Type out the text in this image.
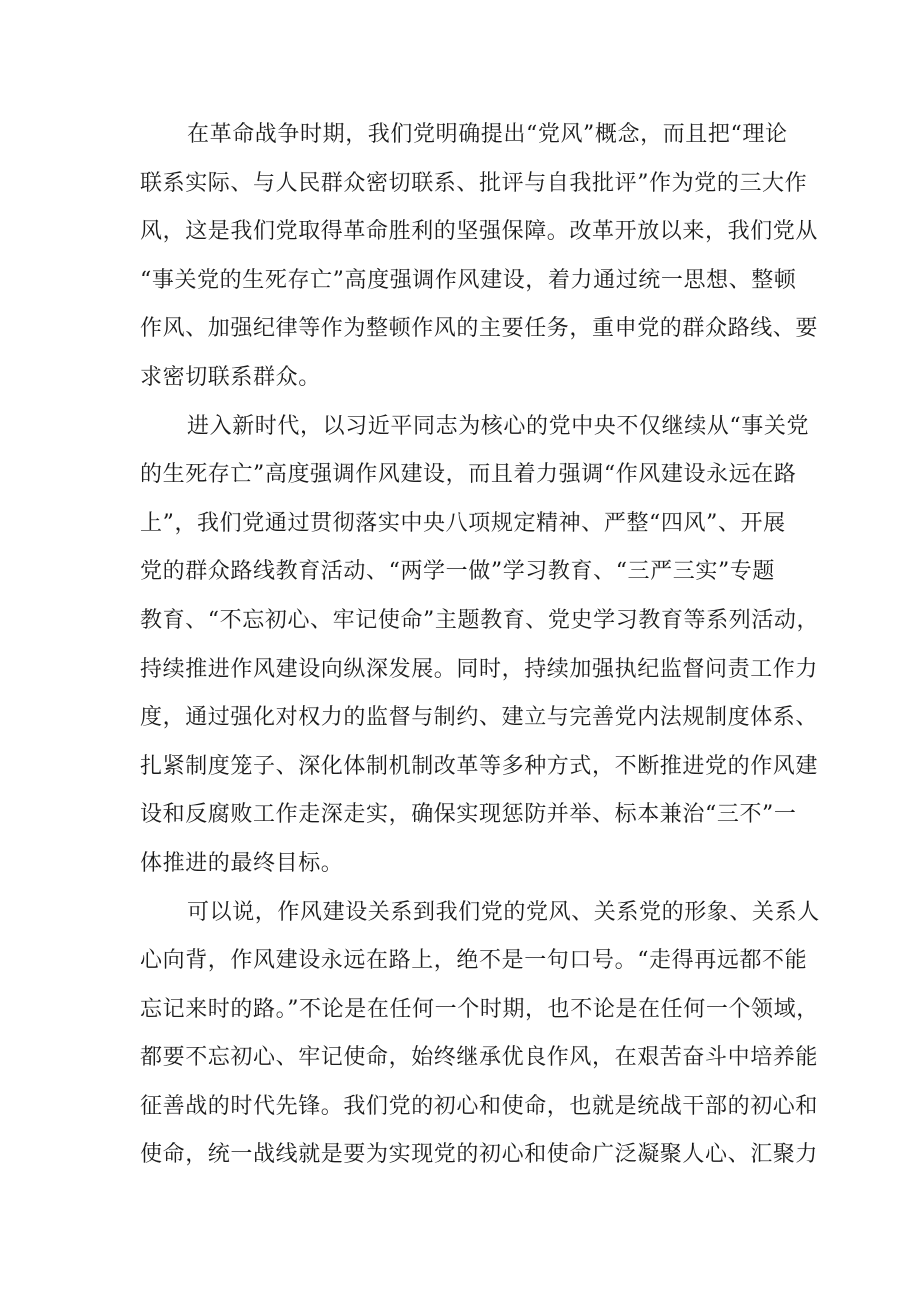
在革命战争时期，我们党明确提出“党风”概念，而且把“理论
联系实际、与人民群众密切联系、批评与自我批评”作为党的三大作
风，这是我们党取得革命胜利的坚强保障。改革开放以来，我们党从
“事关党的生死存亡”高度强调作风建设，着力通过统一思想、整顿
作风、加强纪律等作为整顿作风的主要任务，重申党的群众路线、要
求密切联系群众。
进入新时代，以习近平同志为核心的党中央不仅继续从“事关党
的生死存亡”高度强调作风建设，而且着力强调“作风建设永远在路
上”，我们党通过贯彻落实中央八项规定精神、严整“四风”、开展
党的群众路线教育活动、“两学一做”学习教育、“三严三实”专题
教育、“不忘初心、牢记使命”主题教育、党史学习教育等系列活动，
持续推进作风建设向纵深发展。同时，持续加强执纪监督问责工作力
度，通过强化对权力的监督与制约、建立与完善党内法规制度体系、
扎紧制度笼子、深化体制机制改革等多种方式，不断推进党的作风建
设和反腐败工作走深走实，确保实现惩防并举、标本兼治“三不”一
体推进的最终目标。
可以说，作风建设关系到我们党的党风、关系党的形象、关系人
心向背，作风建设永远在路上，绝不是一句口号。“走得再远都不能
忘记来时的路。”不论是在任何一个时期，也不论是在任何一个领域，
都要不忘初心、牢记使命，始终继承优良作风，在艰苦奋斗中培养能
征善战的时代先锋。我们党的初心和使命，也就是统战干部的初心和
使命，统一战线就是要为实现党的初心和使命广泛凝聚人心、汇聚力
